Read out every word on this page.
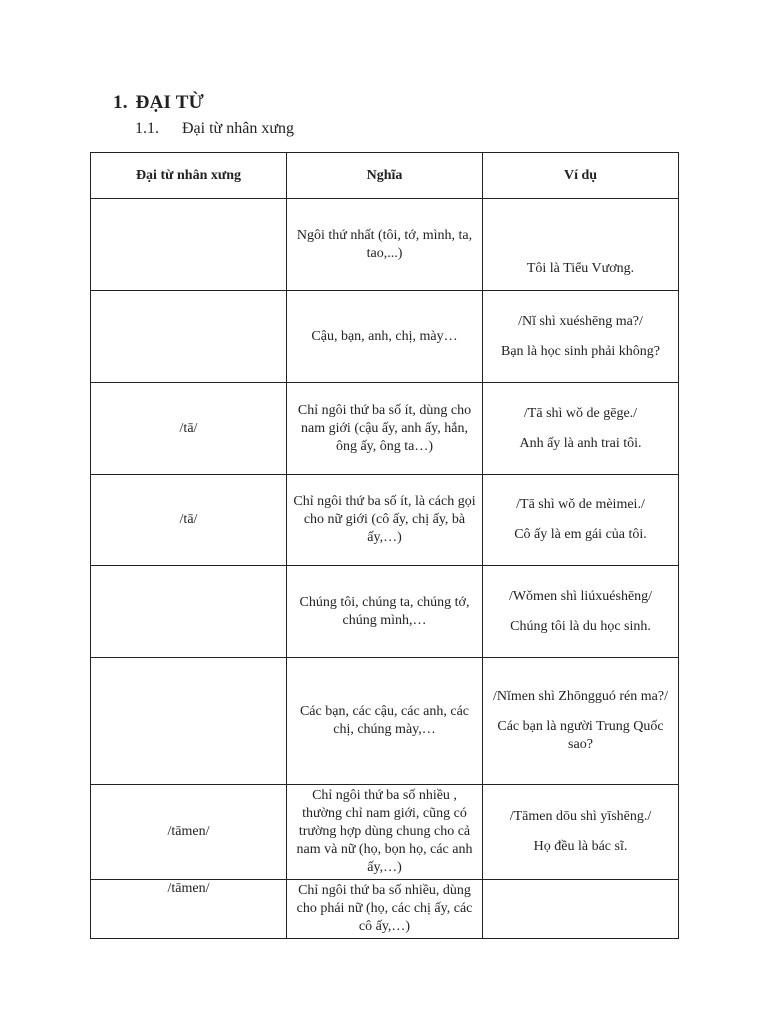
1. ĐẠI TỪ
1.1. Đại từ nhân xưng
Đại từ nhân xưng	Nghĩa	Ví dụ
	Ngôi thứ nhất (tôi, tớ, mình, ta, tao,...)	Tôi là Tiểu Vương.

	Cậu, bạn, anh, chị, mày…	/Nǐ shì xuéshēng ma?/

Bạn là học sinh phải không?

/tā/	Chỉ ngôi thứ ba số ít, dùng cho nam giới (cậu ấy, anh ấy, hắn, ông ấy, ông ta…)	/Tā shì wǒ de gēge./

Anh ấy là anh trai tôi.

/tā/	Chỉ ngôi thứ ba số ít, là cách gọi cho nữ giới (cô ấy, chị ấy, bà ấy,…)	/Tā shì wǒ de mèimei./

Cô ấy là em gái của tôi.

	Chúng tôi, chúng ta, chúng tớ, chúng mình,…	/Wǒmen shì liúxuéshēng/

Chúng tôi là du học sinh.

	Các bạn, các cậu, các anh, các chị, chúng mày,…	/Nǐmen shì Zhōngguó rén ma?/

Các bạn là người Trung Quốc sao?

/tāmen/	Chỉ ngôi thứ ba số nhiều , thường chỉ nam giới, cũng có trường hợp dùng chung cho cả nam và nữ (họ, bọn họ, các anh ấy,…)	/Tāmen dōu shì yīshēng./

Họ đều là bác sĩ.

/tāmen/	Chỉ ngôi thứ ba số nhiều, dùng cho phái nữ (họ, các chị ấy, các cô ấy,…)	
